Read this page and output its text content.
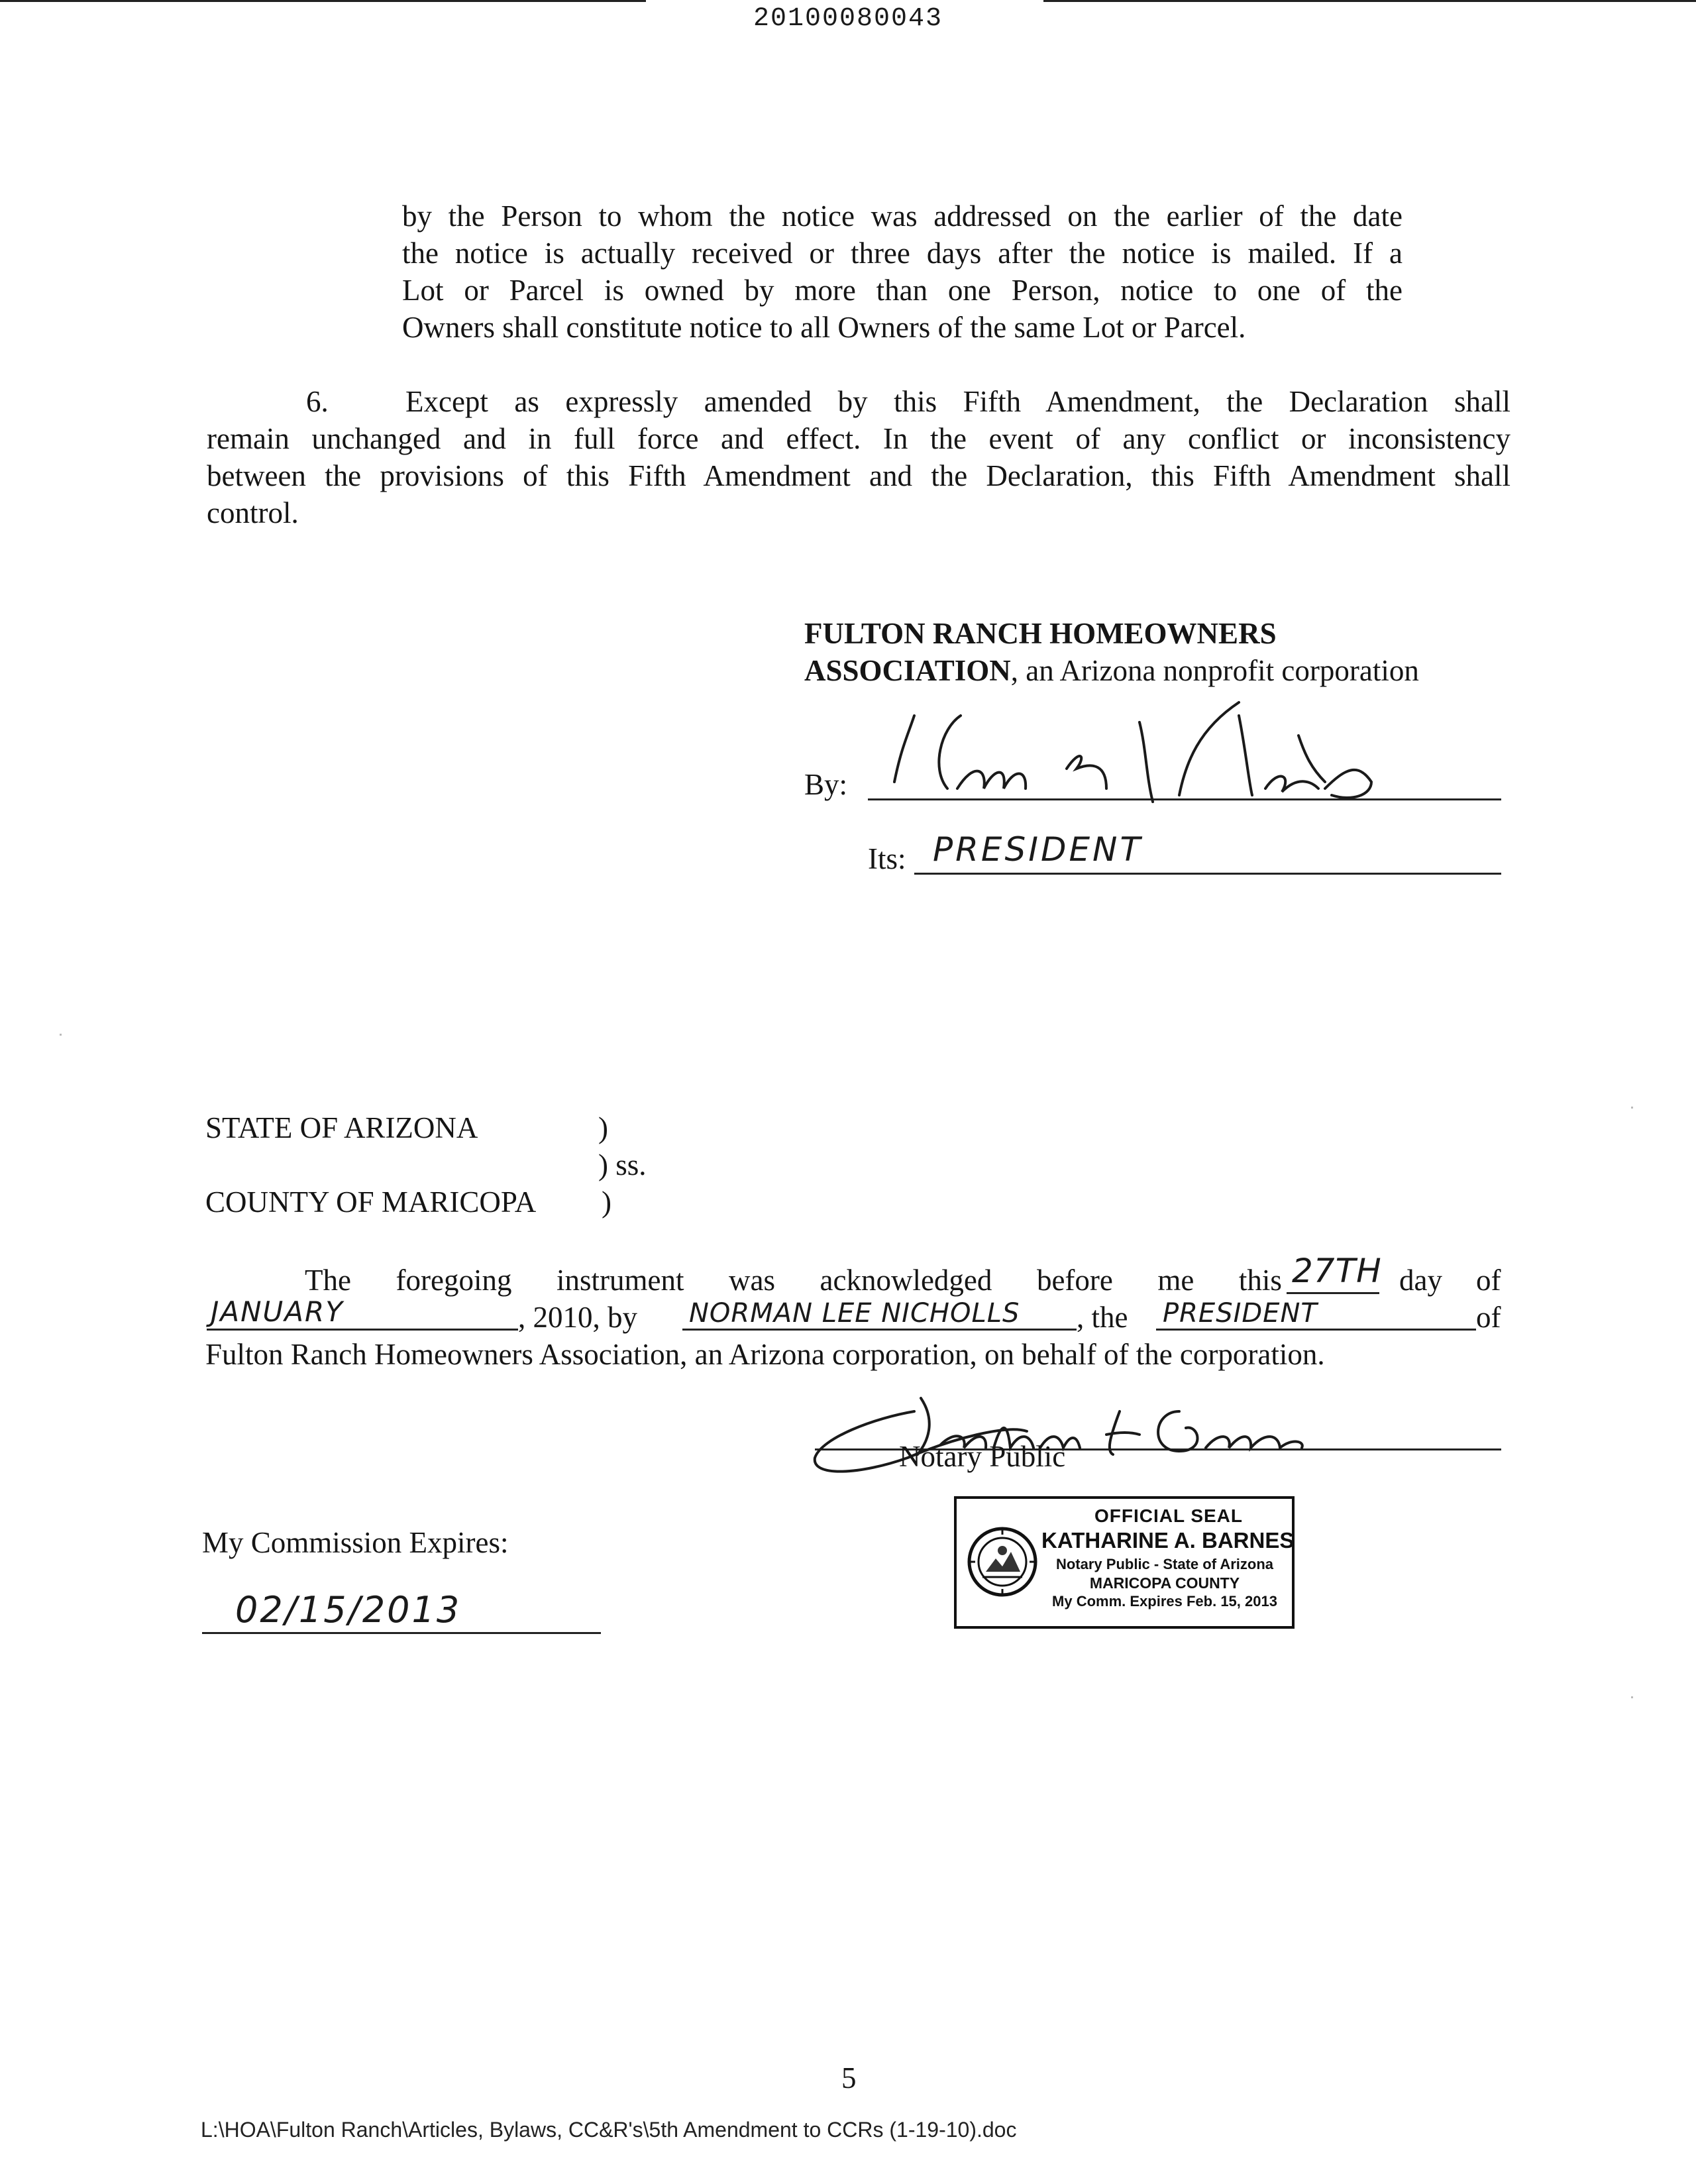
20100080043
by the Person to whom the notice was addressed on the earlier of the date
the notice is actually received or three days after the notice is mailed. If a
Lot or Parcel is owned by more than one Person, notice to one of the
Owners shall constitute notice to all Owners of the same Lot or Parcel.
6.	Except as expressly amended by this Fifth Amendment, the Declaration shall
remain unchanged and in full force and effect. In the event of any conflict or inconsistency
between the provisions of this Fifth Amendment and the Declaration, this Fifth Amendment shall
control.
FULTON RANCH HOMEOWNERS
ASSOCIATION, an Arizona nonprofit corporation
By:
Its: PRESIDENT
STATE OF ARIZONA	)
) ss.
COUNTY OF MARICOPA )
The foregoing instrument was acknowledged before me this 27TH day of
JANUARY	, 2010, by NORMAN LEE NICHOLLS , the PRESIDENT	of
Fulton Ranch Homeowners Association, an Arizona corporation, on behalf of the corporation.
Notary Public
My Commission Expires:
02/15/2013
OFFICIAL SEAL
KATHARINE A. BARNES
Notary Public - State of Arizona
MARICOPA COUNTY
My Comm. Expires Feb. 15, 2013
5
L:\HOA\Fulton Ranch\Articles, Bylaws, CC&R's\5th Amendment to CCRs (1-19-10).doc
